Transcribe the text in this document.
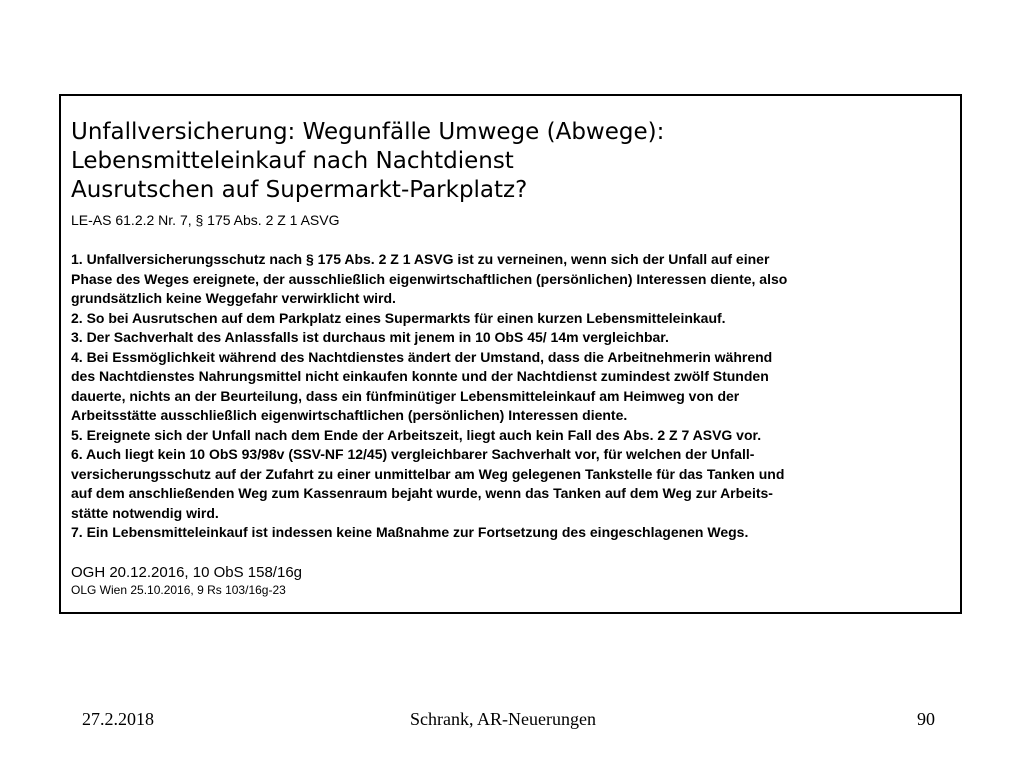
Unfallversicherung: Wegunfälle Umwege (Abwege):
Lebensmitteleinkauf nach Nachtdienst
Ausrutschen auf Supermarkt-Parkplatz?
LE-AS 61.2.2 Nr. 7, § 175 Abs. 2 Z 1 ASVG
1. Unfallversicherungsschutz nach § 175 Abs. 2 Z 1 ASVG ist zu verneinen, wenn sich der Unfall auf einer
Phase des Weges ereignete, der ausschließlich eigenwirtschaftlichen (persönlichen) Interessen diente, also
grundsätzlich keine Weggefahr verwirklicht wird.
2. So bei Ausrutschen auf dem Parkplatz eines Supermarkts für einen kurzen Lebensmitteleinkauf.
3. Der Sachverhalt des Anlassfalls ist durchaus mit jenem in 10 ObS 45/ 14m vergleichbar.
4. Bei Essmöglichkeit während des Nachtdienstes ändert der Umstand, dass die Arbeitnehmerin während
des Nachtdienstes Nahrungsmittel nicht einkaufen konnte und der Nachtdienst zumindest zwölf Stunden
dauerte, nichts an der Beurteilung, dass ein fünfminütiger Lebensmitteleinkauf am Heimweg von der
Arbeitsstätte ausschließlich eigenwirtschaftlichen (persönlichen) Interessen diente.
5. Ereignete sich der Unfall nach dem Ende der Arbeitszeit, liegt auch kein Fall des Abs. 2 Z 7 ASVG vor.
6. Auch liegt kein 10 ObS 93/98v (SSV-NF 12/45) vergleichbarer Sachverhalt vor, für welchen der Unfall-
versicherungsschutz auf der Zufahrt zu einer unmittelbar am Weg gelegenen Tankstelle für das Tanken und
auf dem anschließenden Weg zum Kassenraum bejaht wurde, wenn das Tanken auf dem Weg zur Arbeits-
stätte notwendig wird.
7. Ein Lebensmitteleinkauf ist indessen keine Maßnahme zur Fortsetzung des eingeschlagenen Wegs.
OGH 20.12.2016, 10 ObS 158/16g
OLG Wien 25.10.2016, 9 Rs 103/16g-23
27.2.2018	Schrank, AR-Neuerungen	90
